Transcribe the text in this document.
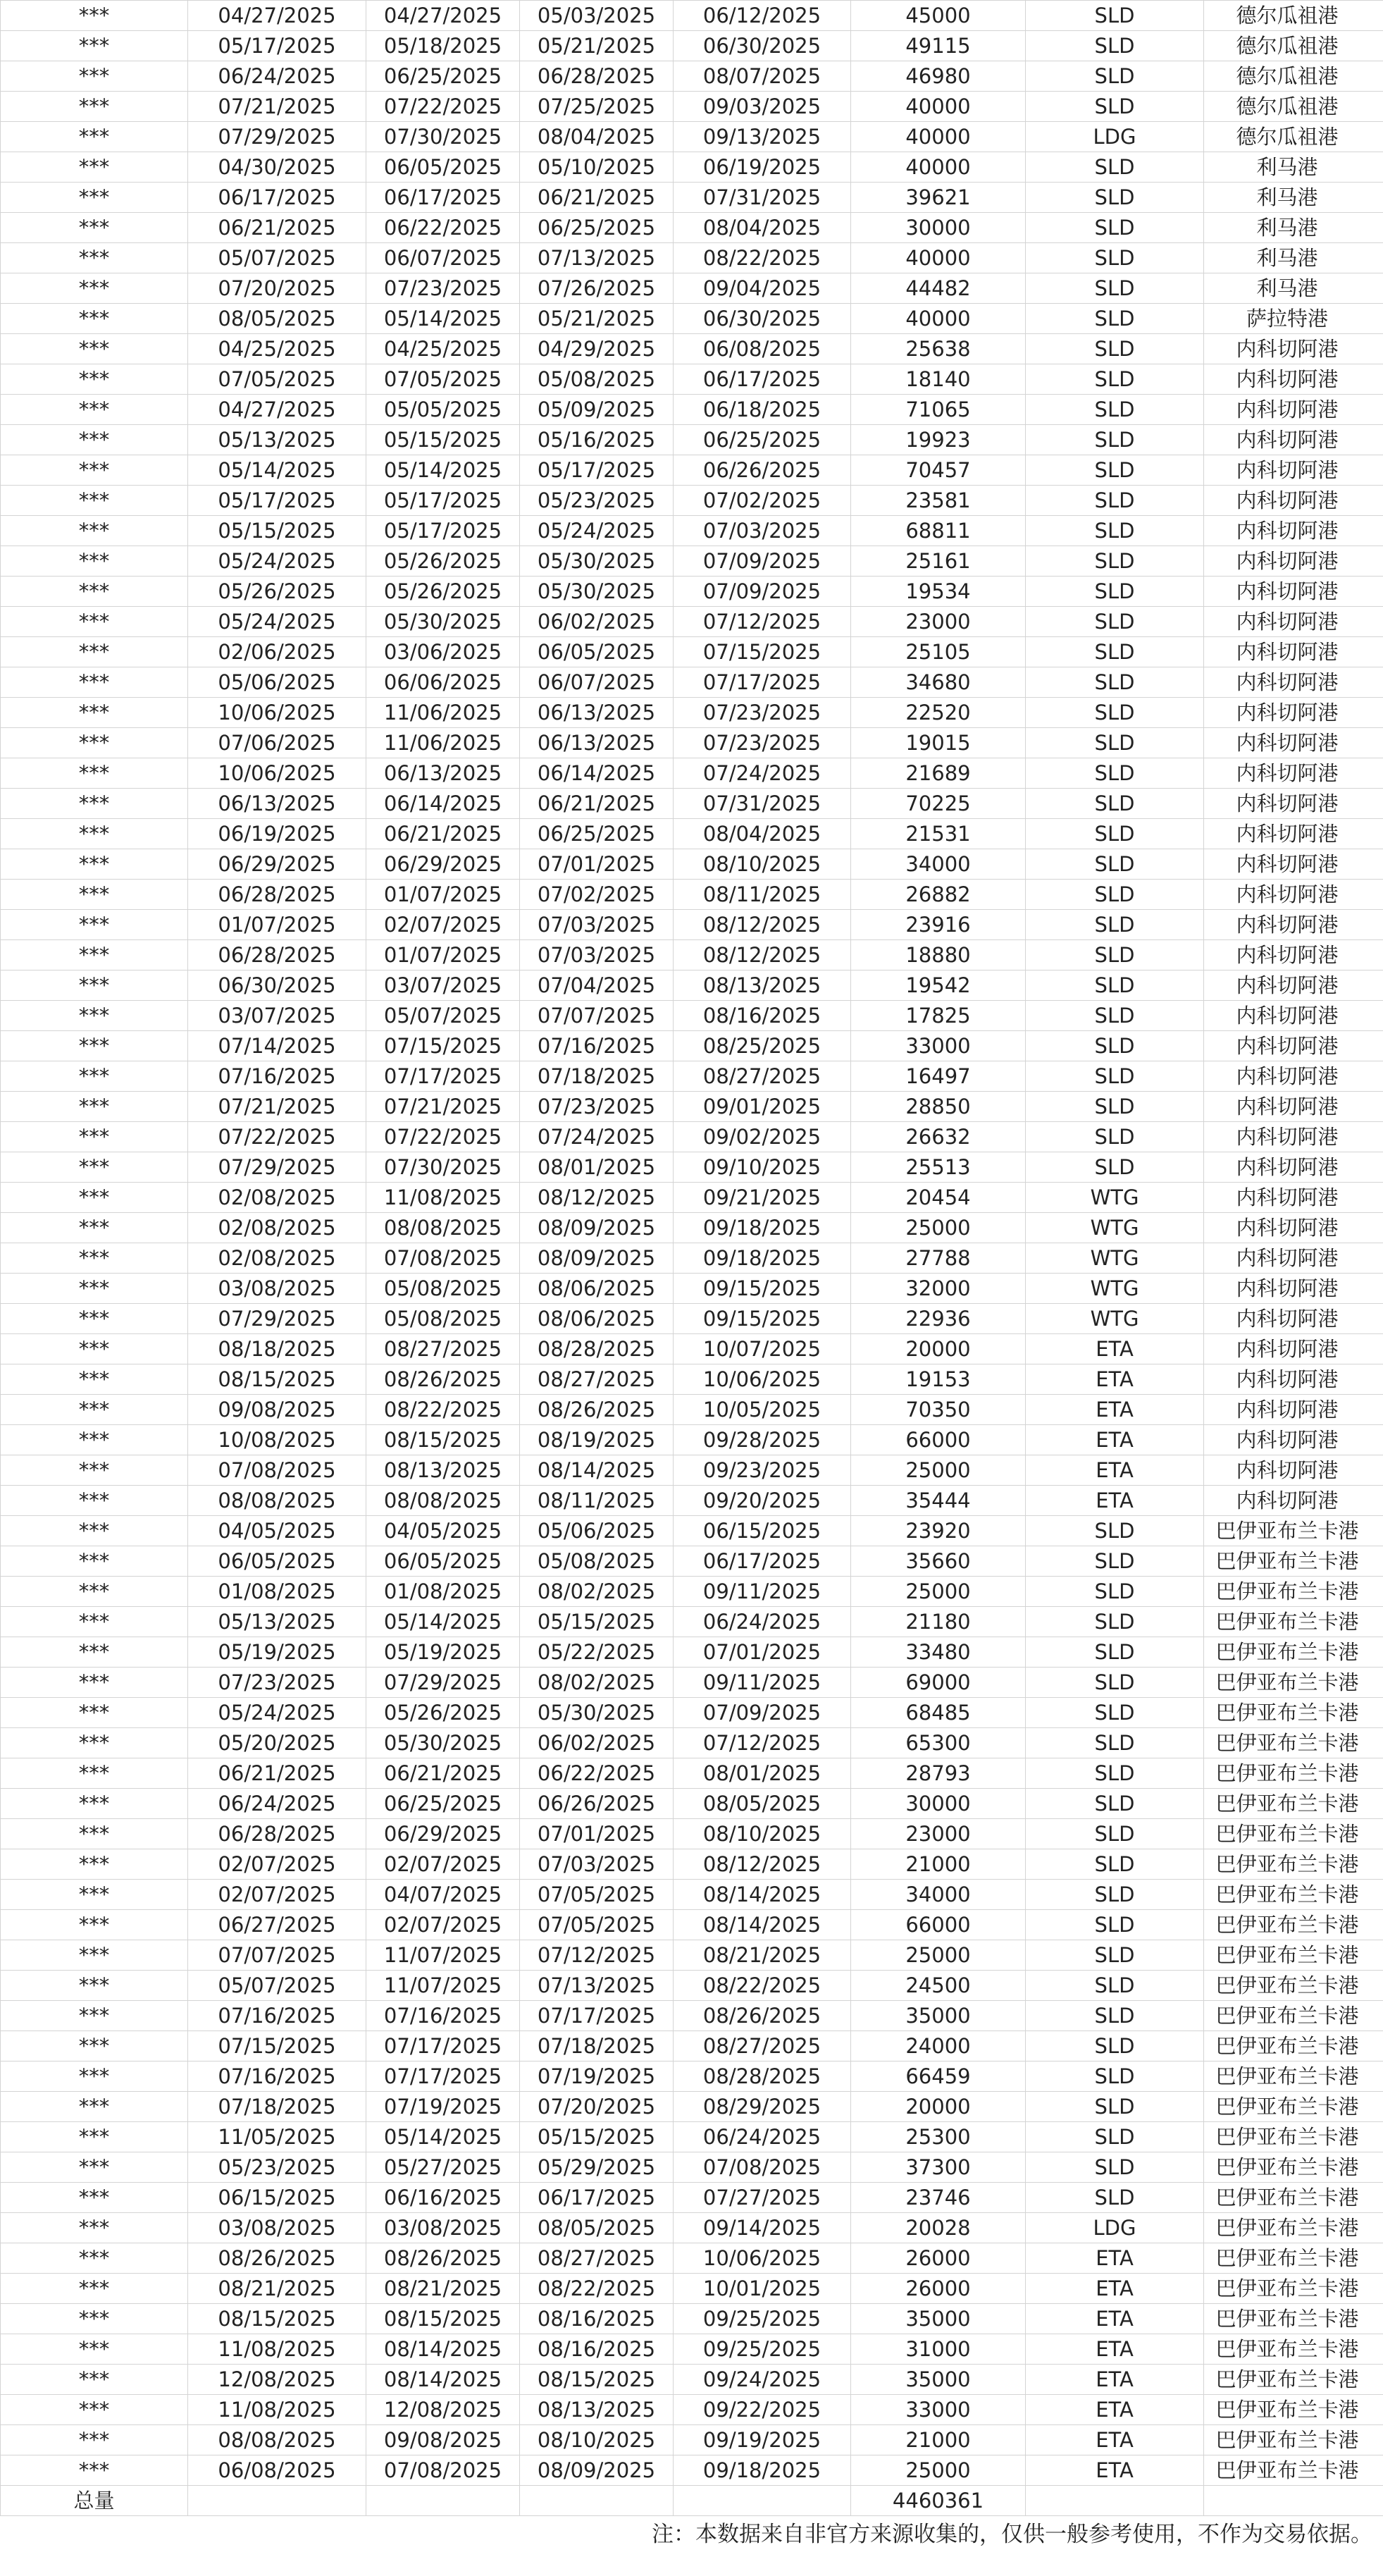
***	04/27/2025	04/27/2025	05/03/2025	06/12/2025	45000	SLD	德尔瓜祖港
***	05/17/2025	05/18/2025	05/21/2025	06/30/2025	49115	SLD	德尔瓜祖港
***	06/24/2025	06/25/2025	06/28/2025	08/07/2025	46980	SLD	德尔瓜祖港
***	07/21/2025	07/22/2025	07/25/2025	09/03/2025	40000	SLD	德尔瓜祖港
***	07/29/2025	07/30/2025	08/04/2025	09/13/2025	40000	LDG	德尔瓜祖港
***	04/30/2025	06/05/2025	05/10/2025	06/19/2025	40000	SLD	利马港
***	06/17/2025	06/17/2025	06/21/2025	07/31/2025	39621	SLD	利马港
***	06/21/2025	06/22/2025	06/25/2025	08/04/2025	30000	SLD	利马港
***	05/07/2025	06/07/2025	07/13/2025	08/22/2025	40000	SLD	利马港
***	07/20/2025	07/23/2025	07/26/2025	09/04/2025	44482	SLD	利马港
***	08/05/2025	05/14/2025	05/21/2025	06/30/2025	40000	SLD	萨拉特港
***	04/25/2025	04/25/2025	04/29/2025	06/08/2025	25638	SLD	内科切阿港
***	07/05/2025	07/05/2025	05/08/2025	06/17/2025	18140	SLD	内科切阿港
***	04/27/2025	05/05/2025	05/09/2025	06/18/2025	71065	SLD	内科切阿港
***	05/13/2025	05/15/2025	05/16/2025	06/25/2025	19923	SLD	内科切阿港
***	05/14/2025	05/14/2025	05/17/2025	06/26/2025	70457	SLD	内科切阿港
***	05/17/2025	05/17/2025	05/23/2025	07/02/2025	23581	SLD	内科切阿港
***	05/15/2025	05/17/2025	05/24/2025	07/03/2025	68811	SLD	内科切阿港
***	05/24/2025	05/26/2025	05/30/2025	07/09/2025	25161	SLD	内科切阿港
***	05/26/2025	05/26/2025	05/30/2025	07/09/2025	19534	SLD	内科切阿港
***	05/24/2025	05/30/2025	06/02/2025	07/12/2025	23000	SLD	内科切阿港
***	02/06/2025	03/06/2025	06/05/2025	07/15/2025	25105	SLD	内科切阿港
***	05/06/2025	06/06/2025	06/07/2025	07/17/2025	34680	SLD	内科切阿港
***	10/06/2025	11/06/2025	06/13/2025	07/23/2025	22520	SLD	内科切阿港
***	07/06/2025	11/06/2025	06/13/2025	07/23/2025	19015	SLD	内科切阿港
***	10/06/2025	06/13/2025	06/14/2025	07/24/2025	21689	SLD	内科切阿港
***	06/13/2025	06/14/2025	06/21/2025	07/31/2025	70225	SLD	内科切阿港
***	06/19/2025	06/21/2025	06/25/2025	08/04/2025	21531	SLD	内科切阿港
***	06/29/2025	06/29/2025	07/01/2025	08/10/2025	34000	SLD	内科切阿港
***	06/28/2025	01/07/2025	07/02/2025	08/11/2025	26882	SLD	内科切阿港
***	01/07/2025	02/07/2025	07/03/2025	08/12/2025	23916	SLD	内科切阿港
***	06/28/2025	01/07/2025	07/03/2025	08/12/2025	18880	SLD	内科切阿港
***	06/30/2025	03/07/2025	07/04/2025	08/13/2025	19542	SLD	内科切阿港
***	03/07/2025	05/07/2025	07/07/2025	08/16/2025	17825	SLD	内科切阿港
***	07/14/2025	07/15/2025	07/16/2025	08/25/2025	33000	SLD	内科切阿港
***	07/16/2025	07/17/2025	07/18/2025	08/27/2025	16497	SLD	内科切阿港
***	07/21/2025	07/21/2025	07/23/2025	09/01/2025	28850	SLD	内科切阿港
***	07/22/2025	07/22/2025	07/24/2025	09/02/2025	26632	SLD	内科切阿港
***	07/29/2025	07/30/2025	08/01/2025	09/10/2025	25513	SLD	内科切阿港
***	02/08/2025	11/08/2025	08/12/2025	09/21/2025	20454	WTG	内科切阿港
***	02/08/2025	08/08/2025	08/09/2025	09/18/2025	25000	WTG	内科切阿港
***	02/08/2025	07/08/2025	08/09/2025	09/18/2025	27788	WTG	内科切阿港
***	03/08/2025	05/08/2025	08/06/2025	09/15/2025	32000	WTG	内科切阿港
***	07/29/2025	05/08/2025	08/06/2025	09/15/2025	22936	WTG	内科切阿港
***	08/18/2025	08/27/2025	08/28/2025	10/07/2025	20000	ETA	内科切阿港
***	08/15/2025	08/26/2025	08/27/2025	10/06/2025	19153	ETA	内科切阿港
***	09/08/2025	08/22/2025	08/26/2025	10/05/2025	70350	ETA	内科切阿港
***	10/08/2025	08/15/2025	08/19/2025	09/28/2025	66000	ETA	内科切阿港
***	07/08/2025	08/13/2025	08/14/2025	09/23/2025	25000	ETA	内科切阿港
***	08/08/2025	08/08/2025	08/11/2025	09/20/2025	35444	ETA	内科切阿港
***	04/05/2025	04/05/2025	05/06/2025	06/15/2025	23920	SLD	巴伊亚布兰卡港
***	06/05/2025	06/05/2025	05/08/2025	06/17/2025	35660	SLD	巴伊亚布兰卡港
***	01/08/2025	01/08/2025	08/02/2025	09/11/2025	25000	SLD	巴伊亚布兰卡港
***	05/13/2025	05/14/2025	05/15/2025	06/24/2025	21180	SLD	巴伊亚布兰卡港
***	05/19/2025	05/19/2025	05/22/2025	07/01/2025	33480	SLD	巴伊亚布兰卡港
***	07/23/2025	07/29/2025	08/02/2025	09/11/2025	69000	SLD	巴伊亚布兰卡港
***	05/24/2025	05/26/2025	05/30/2025	07/09/2025	68485	SLD	巴伊亚布兰卡港
***	05/20/2025	05/30/2025	06/02/2025	07/12/2025	65300	SLD	巴伊亚布兰卡港
***	06/21/2025	06/21/2025	06/22/2025	08/01/2025	28793	SLD	巴伊亚布兰卡港
***	06/24/2025	06/25/2025	06/26/2025	08/05/2025	30000	SLD	巴伊亚布兰卡港
***	06/28/2025	06/29/2025	07/01/2025	08/10/2025	23000	SLD	巴伊亚布兰卡港
***	02/07/2025	02/07/2025	07/03/2025	08/12/2025	21000	SLD	巴伊亚布兰卡港
***	02/07/2025	04/07/2025	07/05/2025	08/14/2025	34000	SLD	巴伊亚布兰卡港
***	06/27/2025	02/07/2025	07/05/2025	08/14/2025	66000	SLD	巴伊亚布兰卡港
***	07/07/2025	11/07/2025	07/12/2025	08/21/2025	25000	SLD	巴伊亚布兰卡港
***	05/07/2025	11/07/2025	07/13/2025	08/22/2025	24500	SLD	巴伊亚布兰卡港
***	07/16/2025	07/16/2025	07/17/2025	08/26/2025	35000	SLD	巴伊亚布兰卡港
***	07/15/2025	07/17/2025	07/18/2025	08/27/2025	24000	SLD	巴伊亚布兰卡港
***	07/16/2025	07/17/2025	07/19/2025	08/28/2025	66459	SLD	巴伊亚布兰卡港
***	07/18/2025	07/19/2025	07/20/2025	08/29/2025	20000	SLD	巴伊亚布兰卡港
***	11/05/2025	05/14/2025	05/15/2025	06/24/2025	25300	SLD	巴伊亚布兰卡港
***	05/23/2025	05/27/2025	05/29/2025	07/08/2025	37300	SLD	巴伊亚布兰卡港
***	06/15/2025	06/16/2025	06/17/2025	07/27/2025	23746	SLD	巴伊亚布兰卡港
***	03/08/2025	03/08/2025	08/05/2025	09/14/2025	20028	LDG	巴伊亚布兰卡港
***	08/26/2025	08/26/2025	08/27/2025	10/06/2025	26000	ETA	巴伊亚布兰卡港
***	08/21/2025	08/21/2025	08/22/2025	10/01/2025	26000	ETA	巴伊亚布兰卡港
***	08/15/2025	08/15/2025	08/16/2025	09/25/2025	35000	ETA	巴伊亚布兰卡港
***	11/08/2025	08/14/2025	08/16/2025	09/25/2025	31000	ETA	巴伊亚布兰卡港
***	12/08/2025	08/14/2025	08/15/2025	09/24/2025	35000	ETA	巴伊亚布兰卡港
***	11/08/2025	12/08/2025	08/13/2025	09/22/2025	33000	ETA	巴伊亚布兰卡港
***	08/08/2025	09/08/2025	08/10/2025	09/19/2025	21000	ETA	巴伊亚布兰卡港
***	06/08/2025	07/08/2025	08/09/2025	09/18/2025	25000	ETA	巴伊亚布兰卡港
总量					4460361		
注：本数据来自非官方来源收集的，仅供一般参考使用，不作为交易依据。
